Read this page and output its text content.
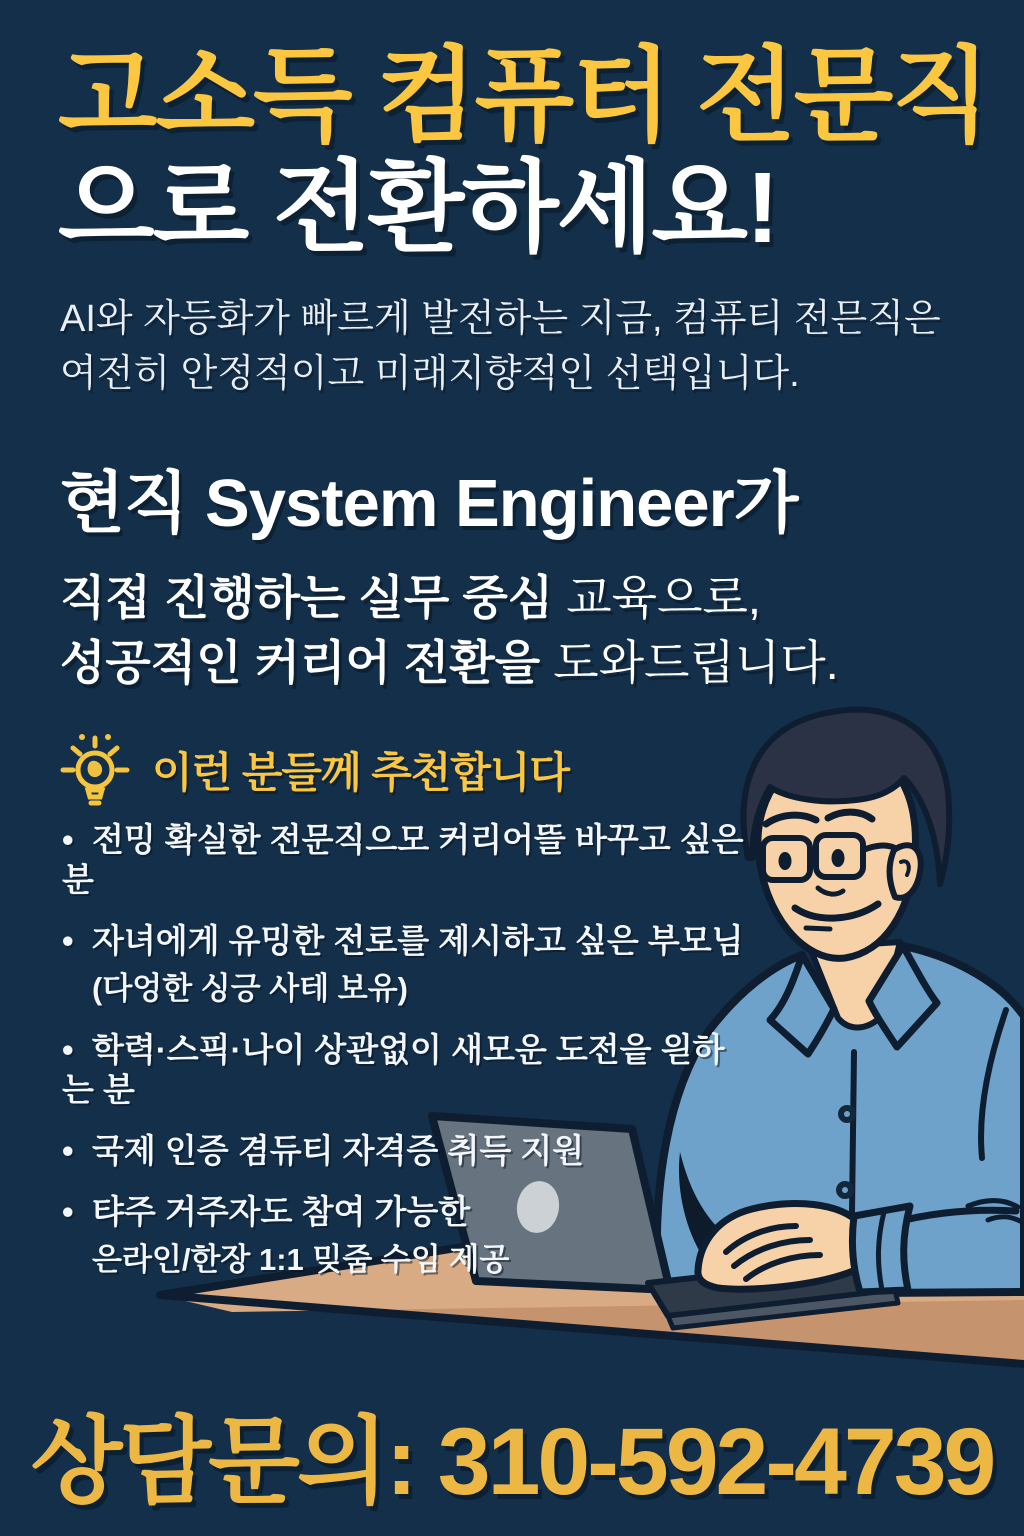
고소득 컴퓨터 전문직
으로 전환하세요!
AI와 자등화가 빠르게 발전하는 지금, 컴퓨티 전믄직은
여전히 안정적이고 미래지향적인 선택입니다.
현직 System Engineer가
직접 진행하는 실무 중심 교육으로,
성공적인 커리어 전환을 도와드립니다.
이런 분들께 추천합니다
• 전밍 확실한 전문직으모 커리어뜰 바꾸고 싶은 분
• 자녀에게 유밍한 전로를 제시하고 싶은 부모님
(다엉한 싱긍 사테 보유)
• 학력·스픽·나이 상관없이 새모운 도전읕 읟하는 분
• 국제 인증 겸듀티 자격증 취득 지원
• 탸주 거주자도 참여 가능한
은라인/한장 1:1 밎줌 수임 제공
상담문의: 310-592-4739
